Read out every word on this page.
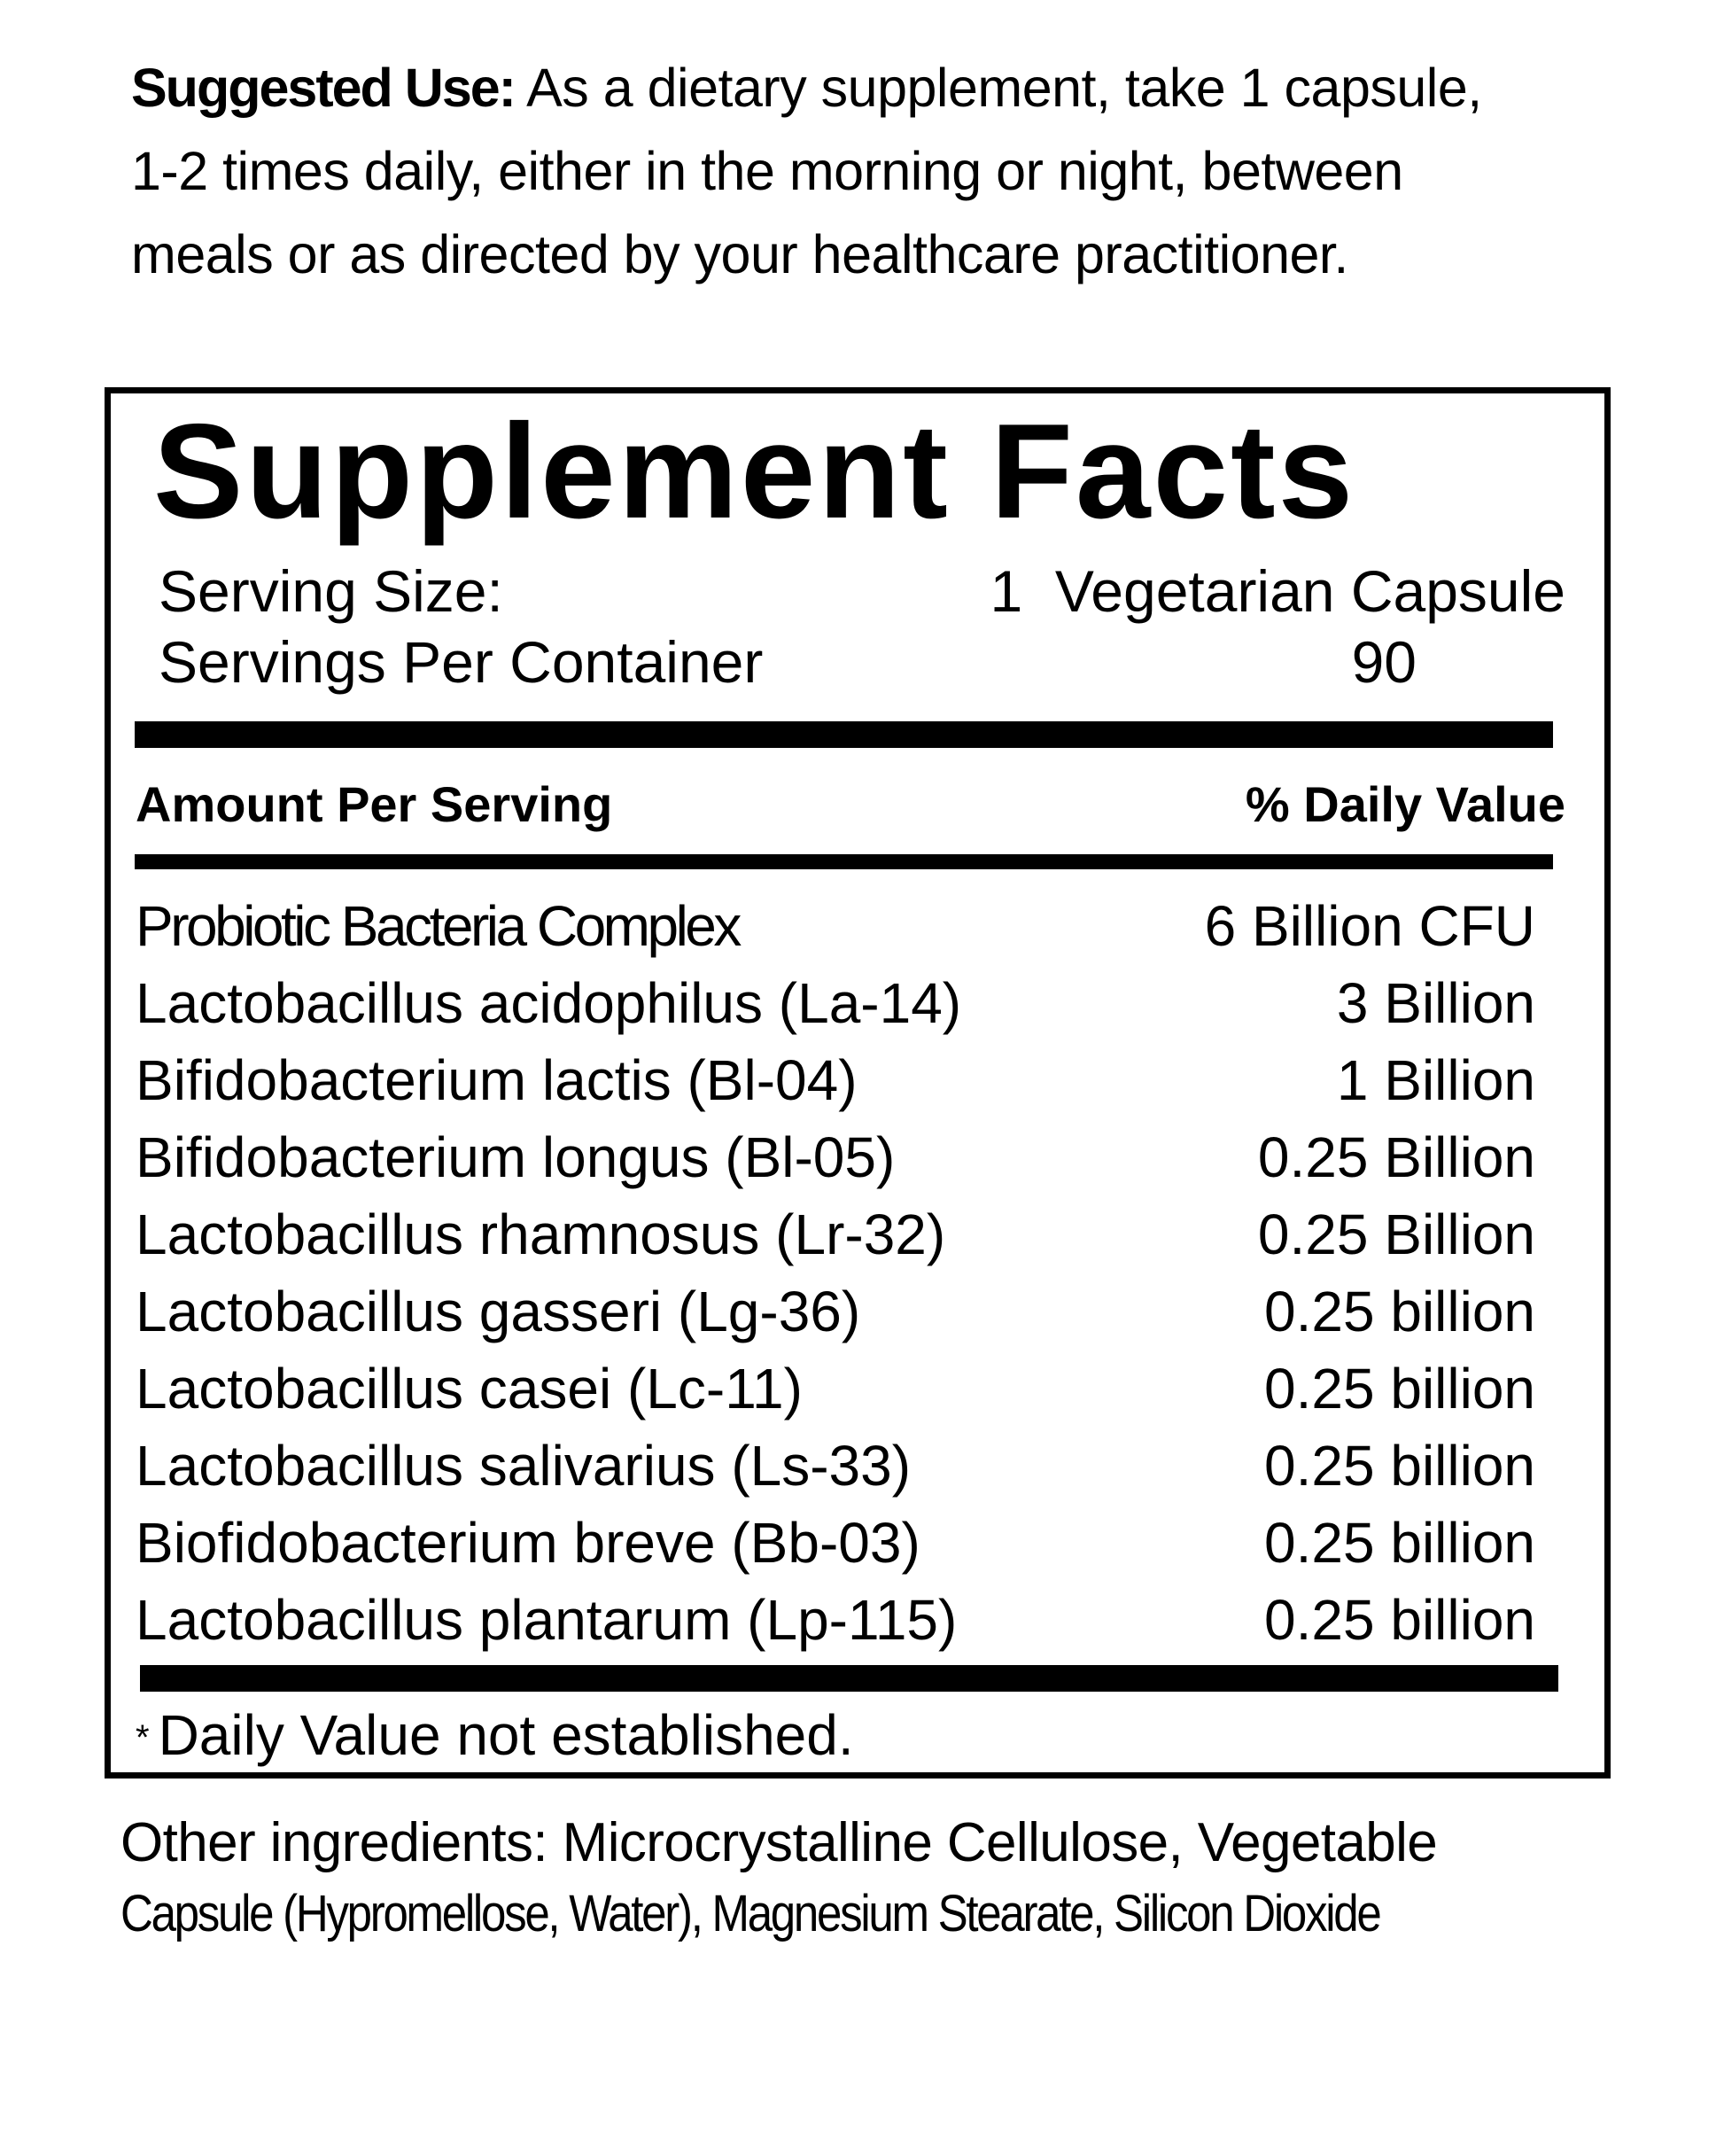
Suggested Use: As a dietary supplement, take 1 capsule,
1-2 times daily, either in the morning or night, between
meals or as directed by your healthcare practitioner.
Supplement Facts
Serving Size:	1  Vegetarian Capsule
Servings Per Container	90
Amount Per Serving	% Daily Value
Probiotic Bacteria Complex	6 Billion CFU
Lactobacillus acidophilus (La-14)	3 Billion
Bifidobacterium lactis (Bl-04)	1 Billion
Bifidobacterium longus (Bl-05)	0.25 Billion
Lactobacillus rhamnosus (Lr-32)	0.25 Billion
Lactobacillus gasseri (Lg-36)	0.25 billion
Lactobacillus casei (Lc-11)	0.25 billion
Lactobacillus salivarius (Ls-33)	0.25 billion
Biofidobacterium breve (Bb-03)	0.25 billion
Lactobacillus plantarum (Lp-115)	0.25 billion
* Daily Value not established.
Other ingredients: Microcrystalline Cellulose, Vegetable
Capsule (Hypromellose, Water), Magnesium Stearate, Silicon Dioxide
